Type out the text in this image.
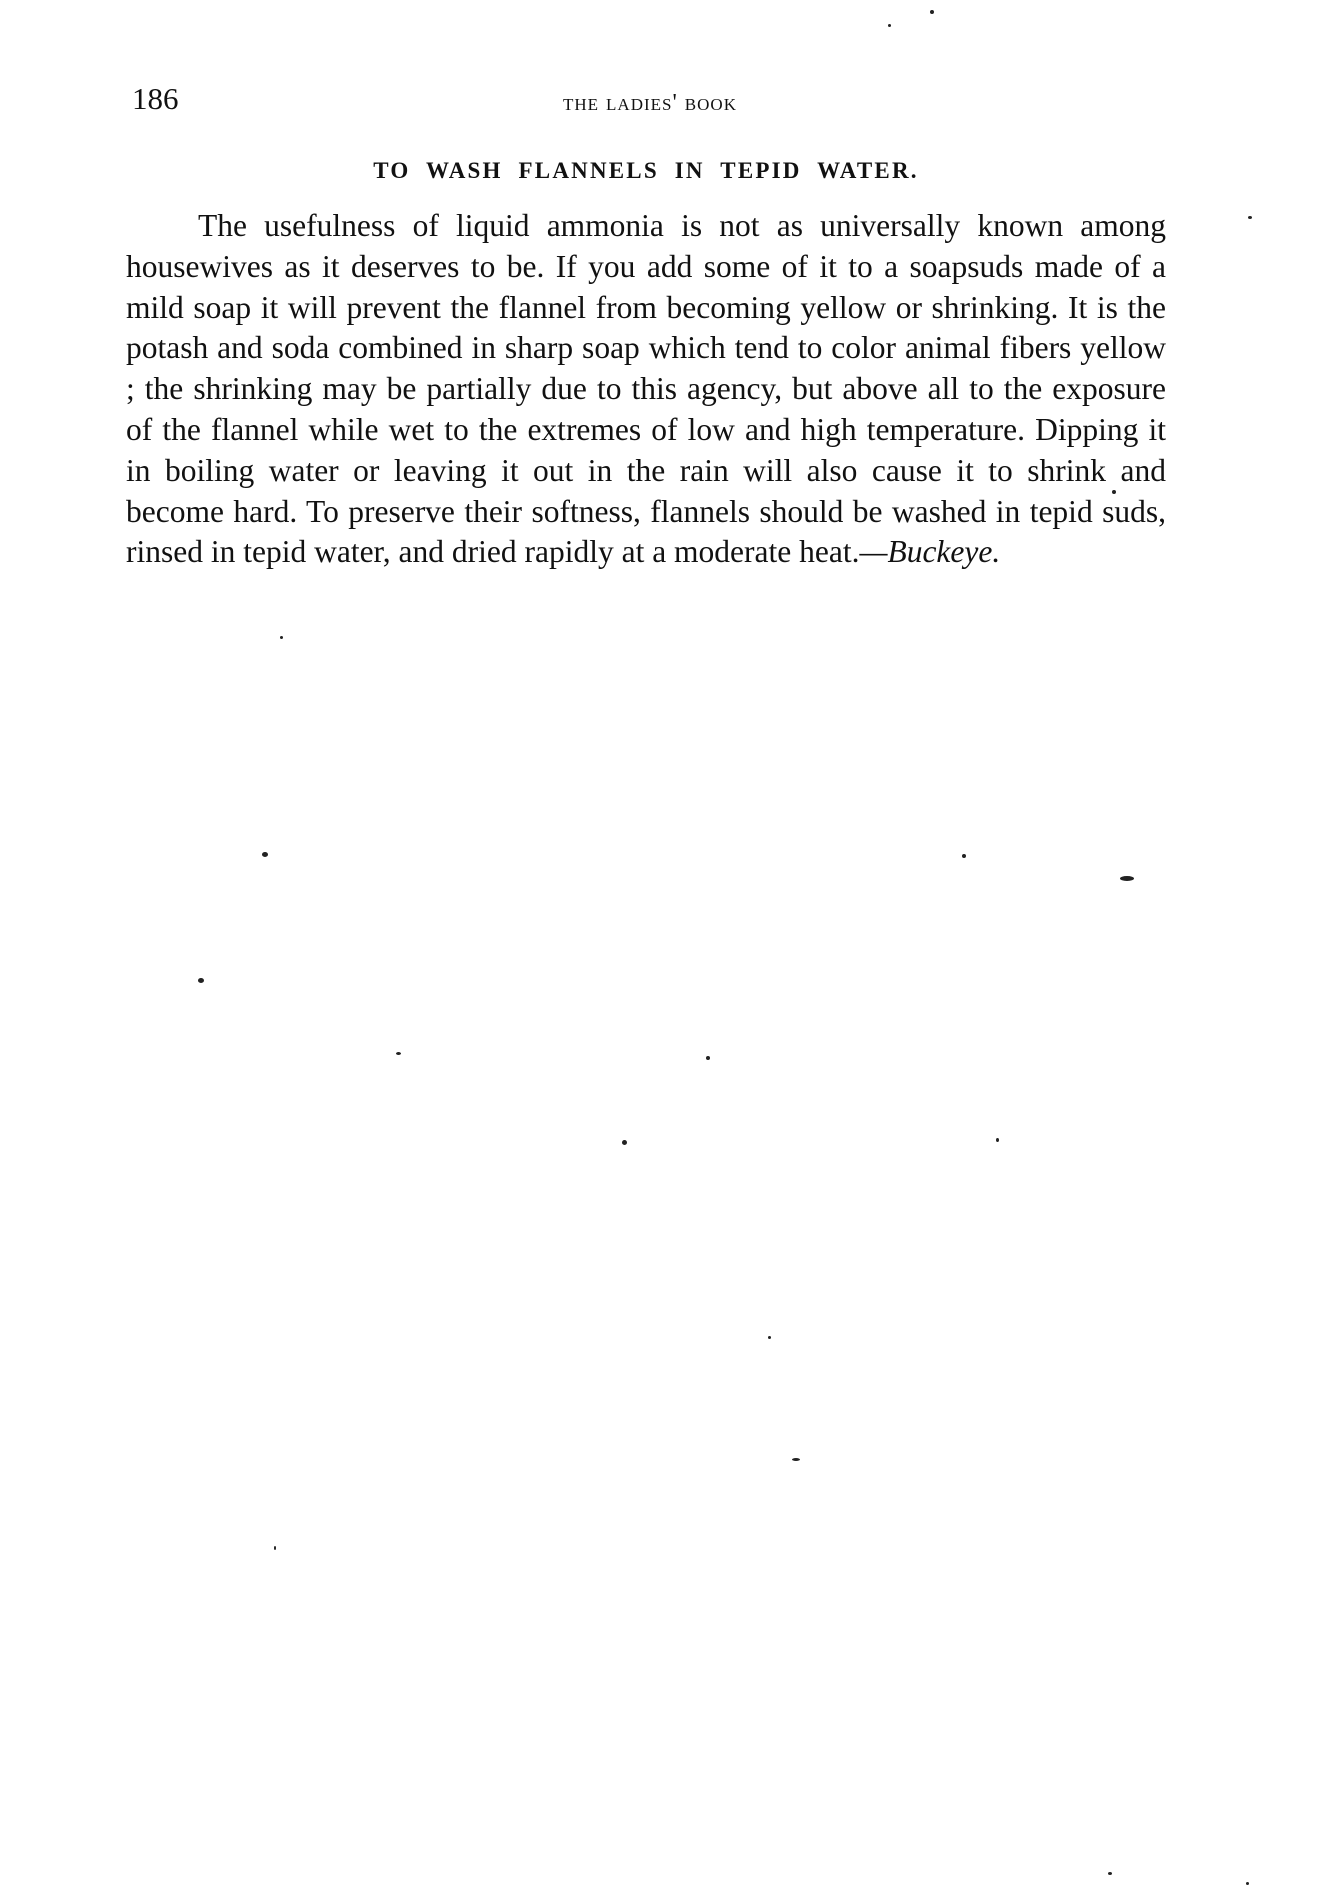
186	the ladies' book
TO WASH FLANNELS IN TEPID WATER.

The usefulness of liquid ammonia is not as universally known among housewives as it deserves to be. If you add some of it to a soapsuds made of a mild soap it will prevent the flannel from becoming yellow or shrinking. It is the potash and soda combined in sharp soap which tend to color animal fibers yellow ; the shrinking may be partially due to this agency, but above all to the exposure of the flannel while wet to the extremes of low and high temperature. Dipping it in boiling water or leaving it out in the rain will also cause it to shrink and become hard. To preserve their softness, flannels should be washed in tepid suds, rinsed in tepid water, and dried rapidly at a moderate heat.—Buckeye.
